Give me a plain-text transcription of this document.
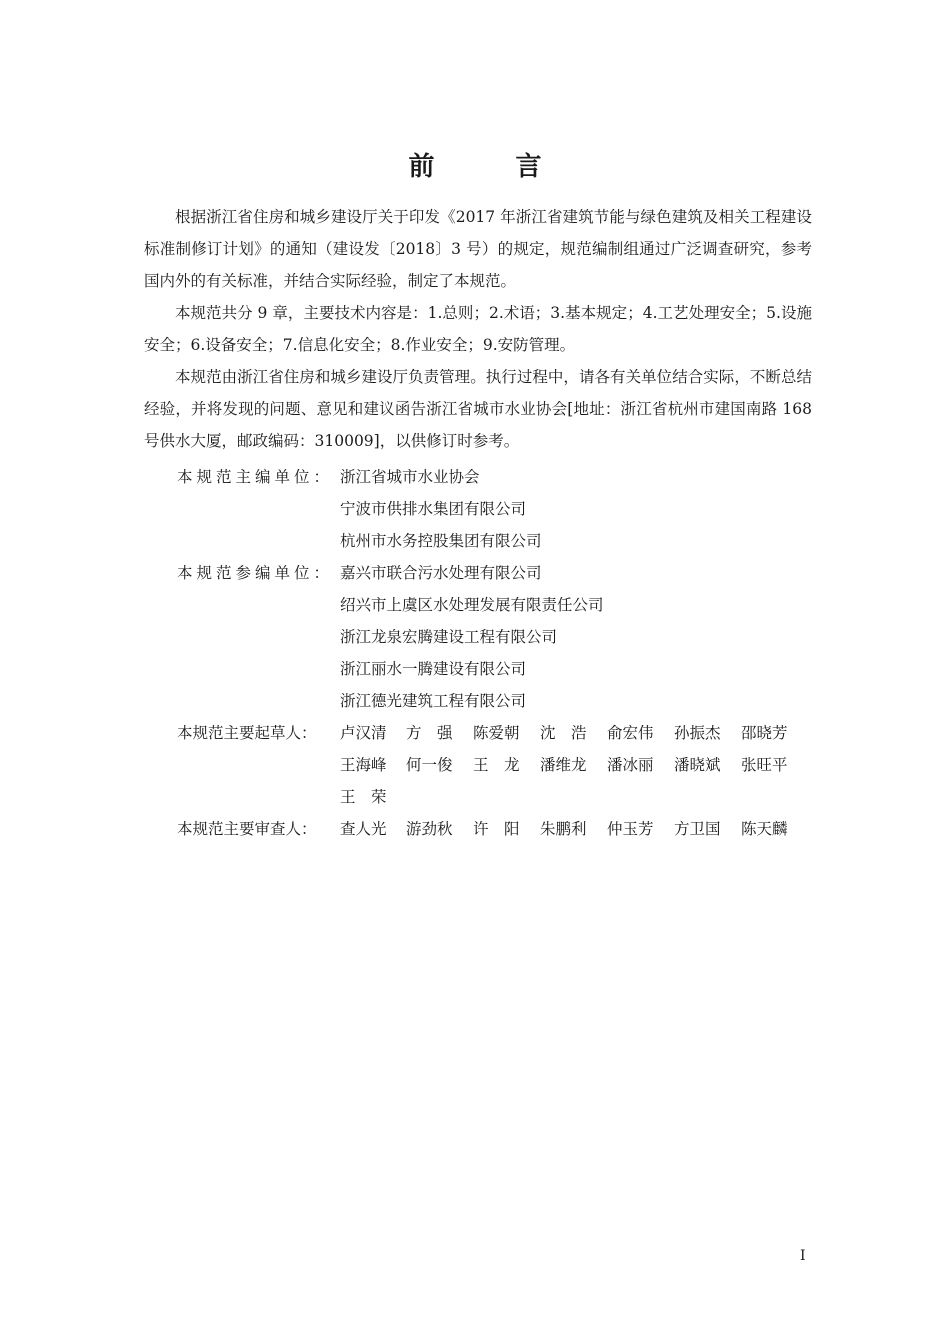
前 言

根据浙江省住房和城乡建设厅关于印发《2017 年浙江省建筑节能与绿色建筑及相关工程建设标准制修订计划》的通知（建设发〔2018〕3 号）的规定，规范编制组通过广泛调查研究，参考国内外的有关标准，并结合实际经验，制定了本规范。

本规范共分 9 章，主要技术内容是：1.总则；2.术语；3.基本规定；4.工艺处理安全；5.设施安全；6.设备安全；7.信息化安全；8.作业安全；9.安防管理。

本规范由浙江省住房和城乡建设厅负责管理。执行过程中，请各有关单位结合实际，不断总结经验，并将发现的问题、意见和建议函告浙江省城市水业协会[地址：浙江省杭州市建国南路 168 号供水大厦，邮政编码：310009]，以供修订时参考。

本规范主编单位： 浙江省城市水业协会
宁波市供排水集团有限公司
杭州市水务控股集团有限公司
本规范参编单位： 嘉兴市联合污水处理有限公司
绍兴市上虞区水处理发展有限责任公司
浙江龙泉宏腾建设工程有限公司
浙江丽水一腾建设有限公司
浙江德光建筑工程有限公司
本规范主要起草人： 卢汉清 方　强 陈爱朝 沈　浩 俞宏伟 孙振杰 邵晓芳
王海峰 何一俊 王　龙 潘维龙 潘冰丽 潘晓斌 张旺平
王　荣
本规范主要审查人： 查人光 游劲秋 许　阳 朱鹏利 仲玉芳 方卫国 陈天麟
I
